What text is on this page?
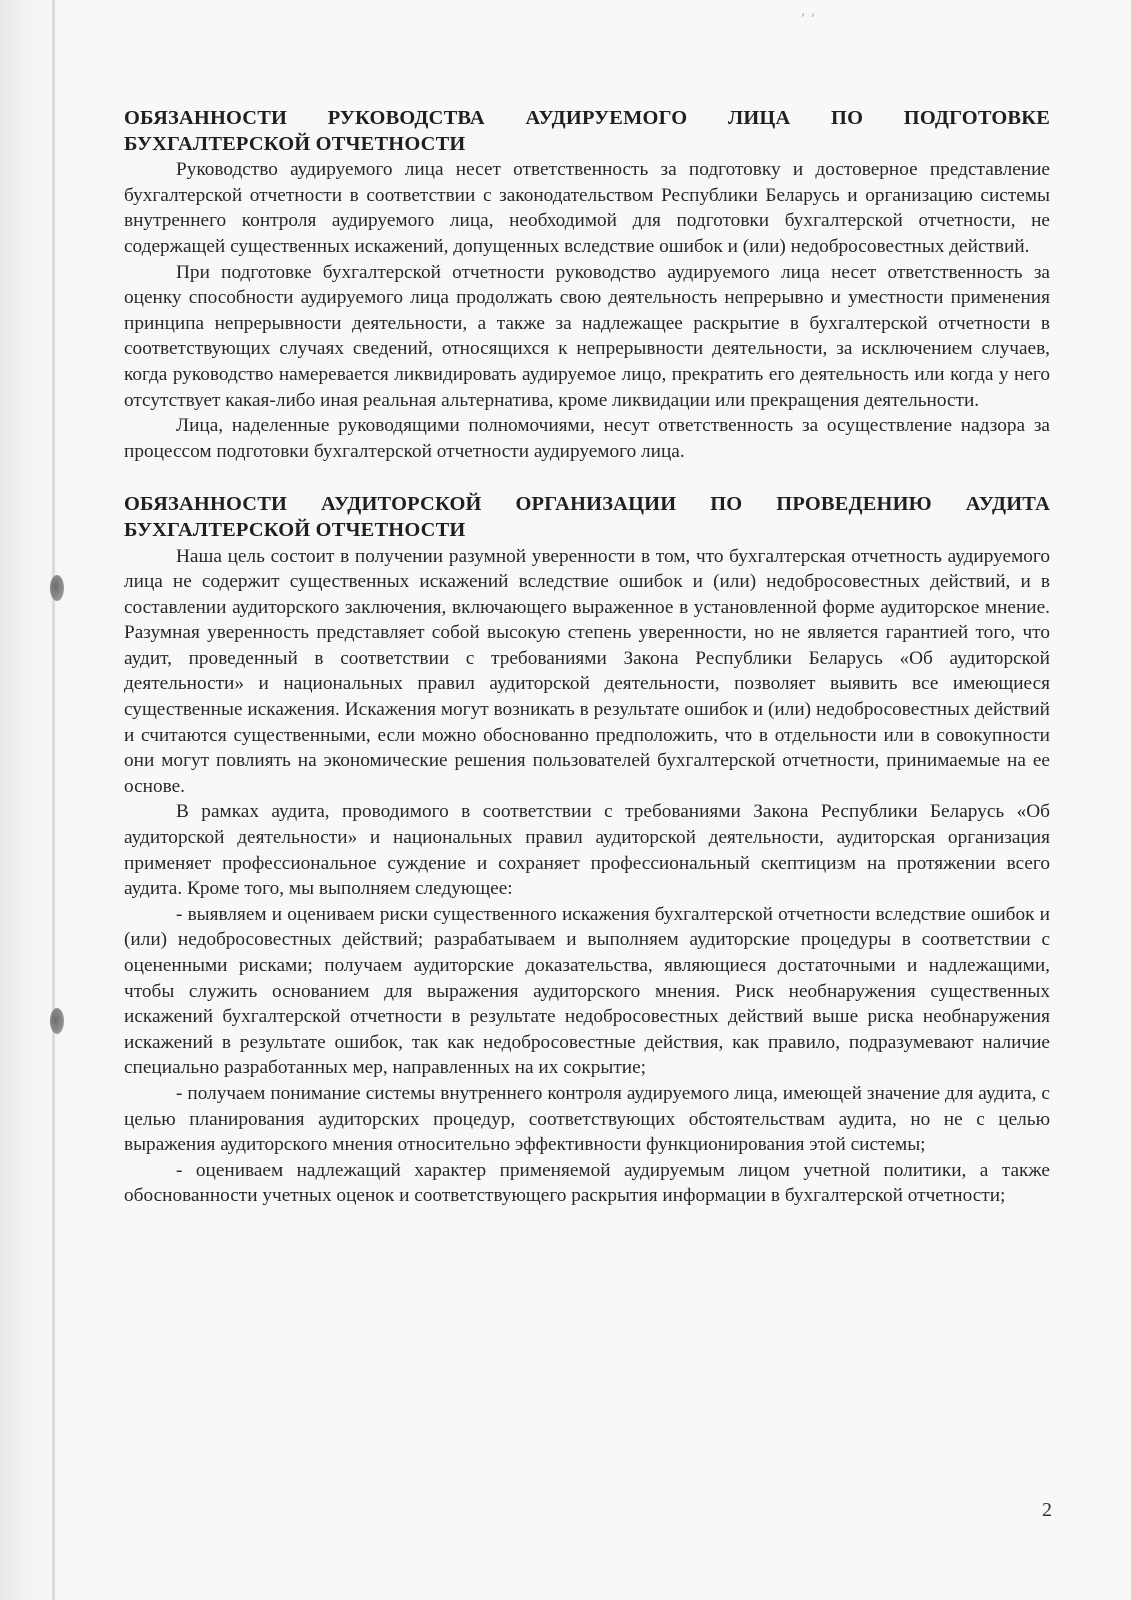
ʼ ʻ
ОБЯЗАННОСТИ РУКОВОДСТВА АУДИРУЕМОГО ЛИЦА ПО ПОДГОТОВКЕ БУХГАЛТЕРСКОЙ ОТЧЕТНОСТИ

Руководство аудируемого лица несет ответственность за подготовку и достоверное представление бухгалтерской отчетности в соответствии с законодательством Республики Беларусь и организацию системы внутреннего контроля аудируемого лица, необходимой для подготовки бухгалтерской отчетности, не содержащей существенных искажений, допущенных вследствие ошибок и (или) недобросовестных действий.

При подготовке бухгалтерской отчетности руководство аудируемого лица несет ответственность за оценку способности аудируемого лица продолжать свою деятельность непрерывно и уместности применения принципа непрерывности деятельности, а также за надлежащее раскрытие в бухгалтерской отчетности в соответствующих случаях сведений, относящихся к непрерывности деятельности, за исключением случаев, когда руководство намеревается ликвидировать аудируемое лицо, прекратить его деятельность или когда у него отсутствует какая-либо иная реальная альтернатива, кроме ликвидации или прекращения деятельности.

Лица, наделенные руководящими полномочиями, несут ответственность за осуществление надзора за процессом подготовки бухгалтерской отчетности аудируемого лица.

ОБЯЗАННОСТИ АУДИТОРСКОЙ ОРГАНИЗАЦИИ ПО ПРОВЕДЕНИЮ АУДИТА БУХГАЛТЕРСКОЙ ОТЧЕТНОСТИ

Наша цель состоит в получении разумной уверенности в том, что бухгалтерская отчетность аудируемого лица не содержит существенных искажений вследствие ошибок и (или) недобросовестных действий, и в составлении аудиторского заключения, включающего выраженное в установленной форме аудиторское мнение. Разумная уверенность представляет собой высокую степень уверенности, но не является гарантией того, что аудит, проведенный в соответствии с требованиями Закона Республики Беларусь «Об аудиторской деятельности» и национальных правил аудиторской деятельности, позволяет выявить все имеющиеся существенные искажения. Искажения могут возникать в результате ошибок и (или) недобросовестных действий и считаются существенными, если можно обоснованно предположить, что в отдельности или в совокупности они могут повлиять на экономические решения пользователей бухгалтерской отчетности, принимаемые на ее основе.

В рамках аудита, проводимого в соответствии с требованиями Закона Республики Беларусь «Об аудиторской деятельности» и национальных правил аудиторской деятельности, аудиторская организация применяет профессиональное суждение и сохраняет профессиональный скептицизм на протяжении всего аудита. Кроме того, мы выполняем следующее:

- выявляем и оцениваем риски существенного искажения бухгалтерской отчетности вследствие ошибок и (или) недобросовестных действий; разрабатываем и выполняем аудиторские процедуры в соответствии с оцененными рисками; получаем аудиторские доказательства, являющиеся достаточными и надлежащими, чтобы служить основанием для выражения аудиторского мнения. Риск необнаружения существенных искажений бухгалтерской отчетности в результате недобросовестных действий выше риска необнаружения искажений в результате ошибок, так как недобросовестные действия, как правило, подразумевают наличие специально разработанных мер, направленных на их сокрытие;

- получаем понимание системы внутреннего контроля аудируемого лица, имеющей значение для аудита, с целью планирования аудиторских процедур, соответствующих обстоятельствам аудита, но не с целью выражения аудиторского мнения относительно эффективности функционирования этой системы;

- оцениваем надлежащий характер применяемой аудируемым лицом учетной политики, а также обоснованности учетных оценок и соответствующего раскрытия информации в бухгалтерской отчетности;

2
